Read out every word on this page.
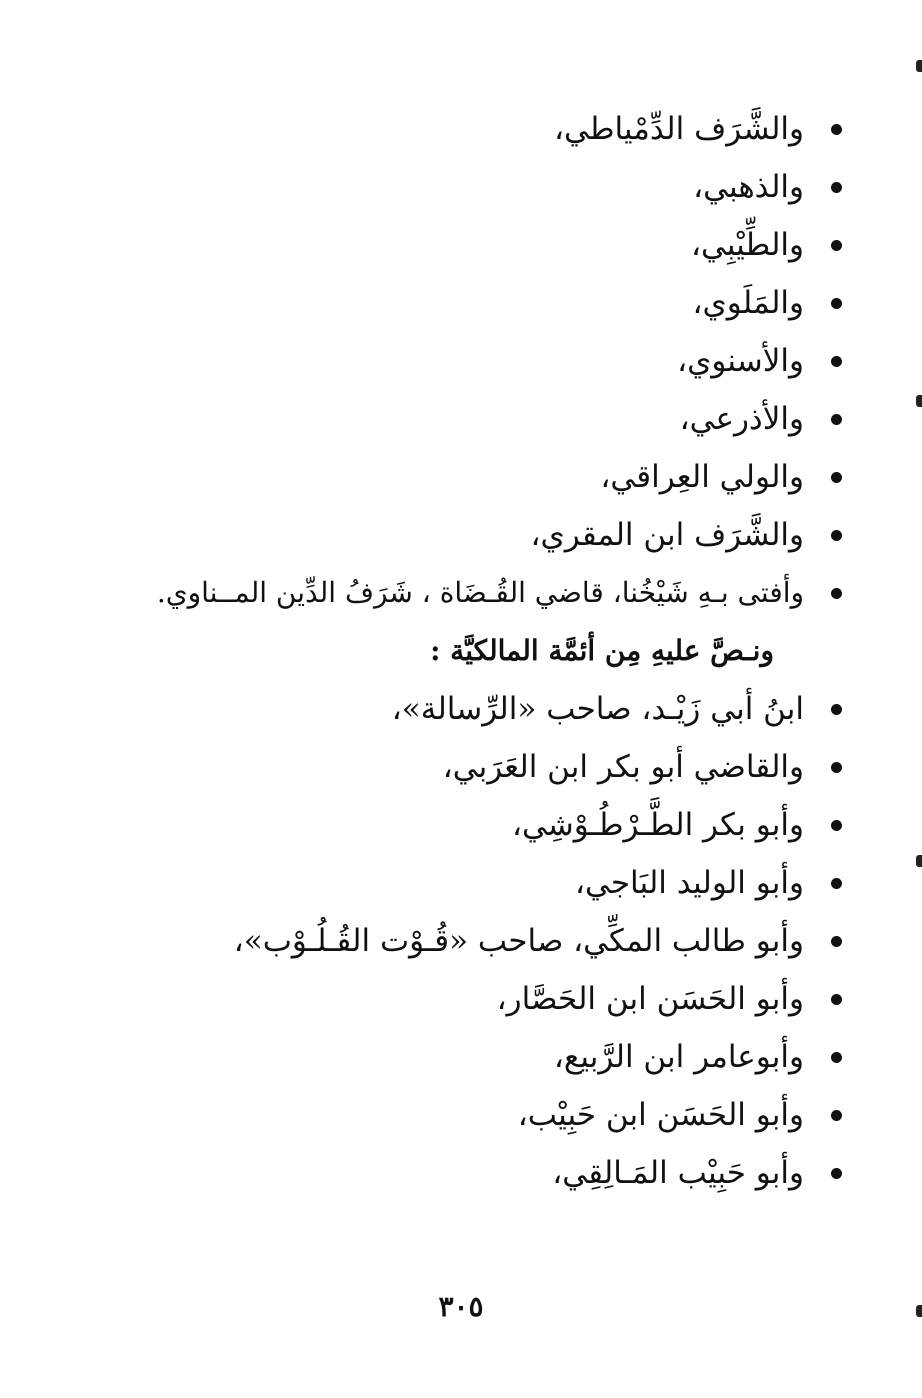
والشَّرَف الدِّمْياطي،
والذهبي،
والطِّيْبِي،
والمَلَوي،
والأسنوي،
والأذرعي،
والولي العِراقي،
والشَّرَف ابن المقري،
وأفتى بـهِ شَيْخُنا، قاضي القُـضَاة ، شَرَفُ الدِّين المــناوي.
ونـصَّ عليهِ مِن أئمَّة المالكيَّة :
ابنُ أبي زَيْـد، صاحب «الرِّسالة»،
والقاضي أبو بكر ابن العَرَبي،
وأبو بكر الطَّـرْطُـوْشِي،
وأبو الوليد البَاجي،
وأبو طالب المكِّي، صاحب «قُـوْت القُـلُـوْب»،
وأبو الحَسَن ابن الحَصَّار،
وأبوعامر ابن الرَّبيع،
وأبو الحَسَن ابن حَبِيْب،
وأبو حَبِيْب المَـالِقِي،
٣٠٥
